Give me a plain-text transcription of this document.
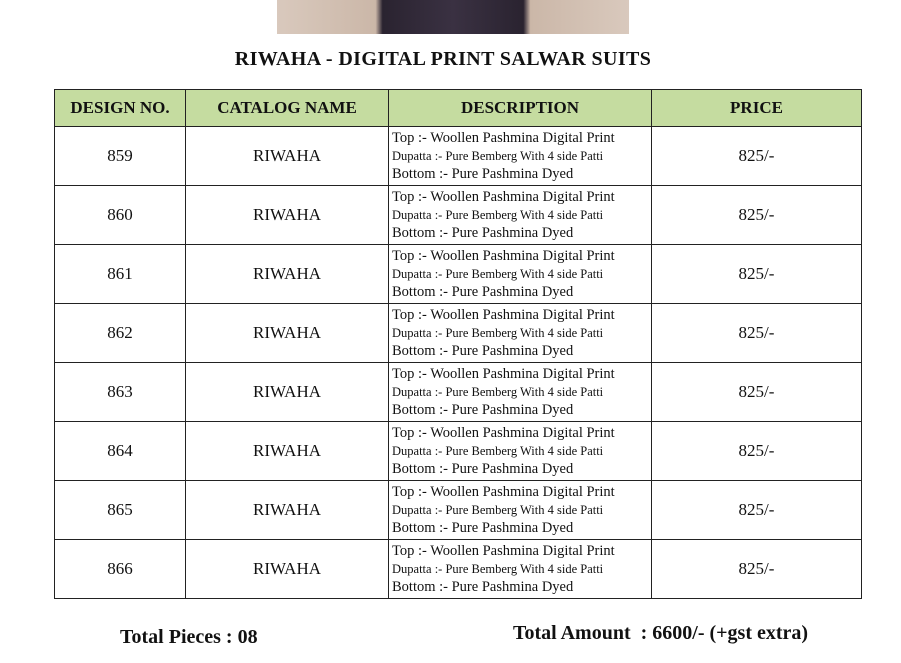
RIWAHA - DIGITAL PRINT SALWAR SUITS
DESIGN NO.	CATALOG NAME	DESCRIPTION	PRICE
859	RIWAHA	Top :- Woollen Pashmina Digital Print
Dupatta :- Pure Bemberg With 4 side Patti
Bottom :- Pure Pashmina Dyed	825/-
860	RIWAHA	Top :- Woollen Pashmina Digital Print
Dupatta :- Pure Bemberg With 4 side Patti
Bottom :- Pure Pashmina Dyed	825/-
861	RIWAHA	Top :- Woollen Pashmina Digital Print
Dupatta :- Pure Bemberg With 4 side Patti
Bottom :- Pure Pashmina Dyed	825/-
862	RIWAHA	Top :- Woollen Pashmina Digital Print
Dupatta :- Pure Bemberg With 4 side Patti
Bottom :- Pure Pashmina Dyed	825/-
863	RIWAHA	Top :- Woollen Pashmina Digital Print
Dupatta :- Pure Bemberg With 4 side Patti
Bottom :- Pure Pashmina Dyed	825/-
864	RIWAHA	Top :- Woollen Pashmina Digital Print
Dupatta :- Pure Bemberg With 4 side Patti
Bottom :- Pure Pashmina Dyed	825/-
865	RIWAHA	Top :- Woollen Pashmina Digital Print
Dupatta :- Pure Bemberg With 4 side Patti
Bottom :- Pure Pashmina Dyed	825/-
866	RIWAHA	Top :- Woollen Pashmina Digital Print
Dupatta :- Pure Bemberg With 4 side Patti
Bottom :- Pure Pashmina Dyed	825/-
Total Pieces : 08	Total Amount  : 6600/- (+gst extra)
